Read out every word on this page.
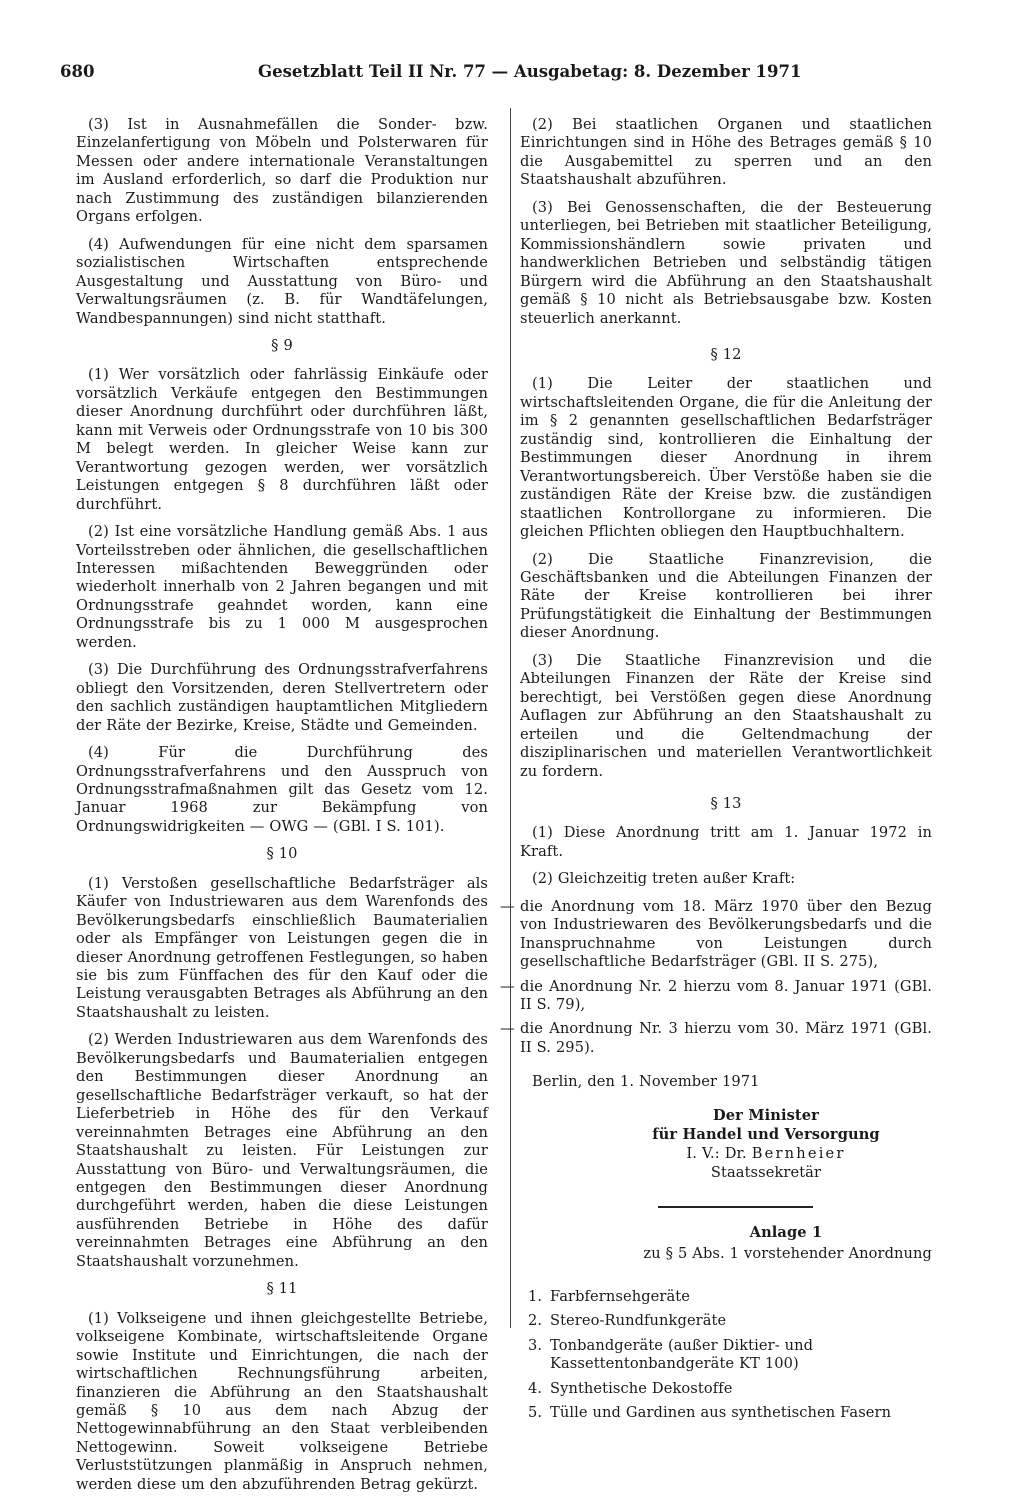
680	Gesetzblatt Teil II Nr. 77 — Ausgabetag: 8. Dezember 1971

(3) Ist in Ausnahmefällen die Sonder- bzw. Einzelanfertigung von Möbeln und Polsterwaren für Messen oder andere internationale Veranstaltungen im Ausland erforderlich, so darf die Produktion nur nach Zustimmung des zuständigen bilanzierenden Organs erfolgen.

(4) Aufwendungen für eine nicht dem sparsamen sozialistischen Wirtschaften entsprechende Ausgestaltung und Ausstattung von Büro- und Verwaltungsräumen (z. B. für Wandtäfelungen, Wandbespannungen) sind nicht statthaft.

§ 9

(1) Wer vorsätzlich oder fahrlässig Einkäufe oder vorsätzlich Verkäufe entgegen den Bestimmungen dieser Anordnung durchführt oder durchführen läßt, kann mit Verweis oder Ordnungsstrafe von 10 bis 300 M belegt werden. In gleicher Weise kann zur Verantwortung gezogen werden, wer vorsätzlich Leistungen entgegen § 8 durchführen läßt oder durchführt.

(2) Ist eine vorsätzliche Handlung gemäß Abs. 1 aus Vorteilsstreben oder ähnlichen, die gesellschaftlichen Interessen mißachtenden Beweggründen oder wiederholt innerhalb von 2 Jahren begangen und mit Ordnungsstrafe geahndet worden, kann eine Ordnungsstrafe bis zu 1 000 M ausgesprochen werden.

(3) Die Durchführung des Ordnungsstrafverfahrens obliegt den Vorsitzenden, deren Stellvertretern oder den sachlich zuständigen hauptamtlichen Mitgliedern der Räte der Bezirke, Kreise, Städte und Gemeinden.

(4) Für die Durchführung des Ordnungsstrafverfahrens und den Ausspruch von Ordnungsstrafmaßnahmen gilt das Gesetz vom 12. Januar 1968 zur Bekämpfung von Ordnungswidrigkeiten — OWG — (GBl. I S. 101).

§ 10

(1) Verstoßen gesellschaftliche Bedarfsträger als Käufer von Industriewaren aus dem Warenfonds des Bevölkerungsbedarfs einschließlich Baumaterialien oder als Empfänger von Leistungen gegen die in dieser Anordnung getroffenen Festlegungen, so haben sie bis zum Fünffachen des für den Kauf oder die Leistung verausgabten Betrages als Abführung an den Staatshaushalt zu leisten.

(2) Werden Industriewaren aus dem Warenfonds des Bevölkerungsbedarfs und Baumaterialien entgegen den Bestimmungen dieser Anordnung an gesellschaftliche Bedarfsträger verkauft, so hat der Lieferbetrieb in Höhe des für den Verkauf vereinnahmten Betrages eine Abführung an den Staatshaushalt zu leisten. Für Leistungen zur Ausstattung von Büro- und Verwaltungsräumen, die entgegen den Bestimmungen dieser Anordnung durchgeführt werden, haben die diese Leistungen ausführenden Betriebe in Höhe des dafür vereinnahmten Betrages eine Abführung an den Staatshaushalt vorzunehmen.

§ 11

(1) Volkseigene und ihnen gleichgestellte Betriebe, volkseigene Kombinate, wirtschaftsleitende Organe sowie Institute und Einrichtungen, die nach der wirtschaftlichen Rechnungsführung arbeiten, finanzieren die Abführung an den Staatshaushalt gemäß § 10 aus dem nach Abzug der Nettogewinnabführung an den Staat verbleibenden Nettogewinn. Soweit volkseigene Betriebe Verluststützungen planmäßig in Anspruch nehmen, werden diese um den abzuführenden Betrag gekürzt.

(2) Bei staatlichen Organen und staatlichen Einrichtungen sind in Höhe des Betrages gemäß § 10 die Ausgabemittel zu sperren und an den Staatshaushalt abzuführen.

(3) Bei Genossenschaften, die der Besteuerung unterliegen, bei Betrieben mit staatlicher Beteiligung, Kommissionshändlern sowie privaten und handwerklichen Betrieben und selbständig tätigen Bürgern wird die Abführung an den Staatshaushalt gemäß § 10 nicht als Betriebsausgabe bzw. Kosten steuerlich anerkannt.

§ 12

(1) Die Leiter der staatlichen und wirtschaftsleitenden Organe, die für die Anleitung der im § 2 genannten gesellschaftlichen Bedarfsträger zuständig sind, kontrollieren die Einhaltung der Bestimmungen dieser Anordnung in ihrem Verantwortungsbereich. Über Verstöße haben sie die zuständigen Räte der Kreise bzw. die zuständigen staatlichen Kontrollorgane zu informieren. Die gleichen Pflichten obliegen den Hauptbuchhaltern.

(2) Die Staatliche Finanzrevision, die Geschäftsbanken und die Abteilungen Finanzen der Räte der Kreise kontrollieren bei ihrer Prüfungstätigkeit die Einhaltung der Bestimmungen dieser Anordnung.

(3) Die Staatliche Finanzrevision und die Abteilungen Finanzen der Räte der Kreise sind berechtigt, bei Verstößen gegen diese Anordnung Auflagen zur Abführung an den Staatshaushalt zu erteilen und die Geltendmachung der disziplinarischen und materiellen Verantwortlichkeit zu fordern.

§ 13

(1) Diese Anordnung tritt am 1. Januar 1972 in Kraft.

(2) Gleichzeitig treten außer Kraft:

— die Anordnung vom 18. März 1970 über den Bezug von Industriewaren des Bevölkerungsbedarfs und die Inanspruchnahme von Leistungen durch gesellschaftliche Bedarfsträger (GBl. II S. 275),
— die Anordnung Nr. 2 hierzu vom 8. Januar 1971 (GBl. II S. 79),
— die Anordnung Nr. 3 hierzu vom 30. März 1971 (GBl. II S. 295).

Berlin, den 1. November 1971

Der Minister
für Handel und Versorgung
I. V.: Dr. Bernheier
Staatssekretär
Anlage 1
zu § 5 Abs. 1 vorstehender Anordnung
1. Farbfernsehgeräte
2. Stereo-Rundfunkgeräte
3. Tonbandgeräte (außer Diktier- und Kassettentonbandgeräte KT 100)
4. Synthetische Dekostoffe
5. Tülle und Gardinen aus synthetischen Fasern
